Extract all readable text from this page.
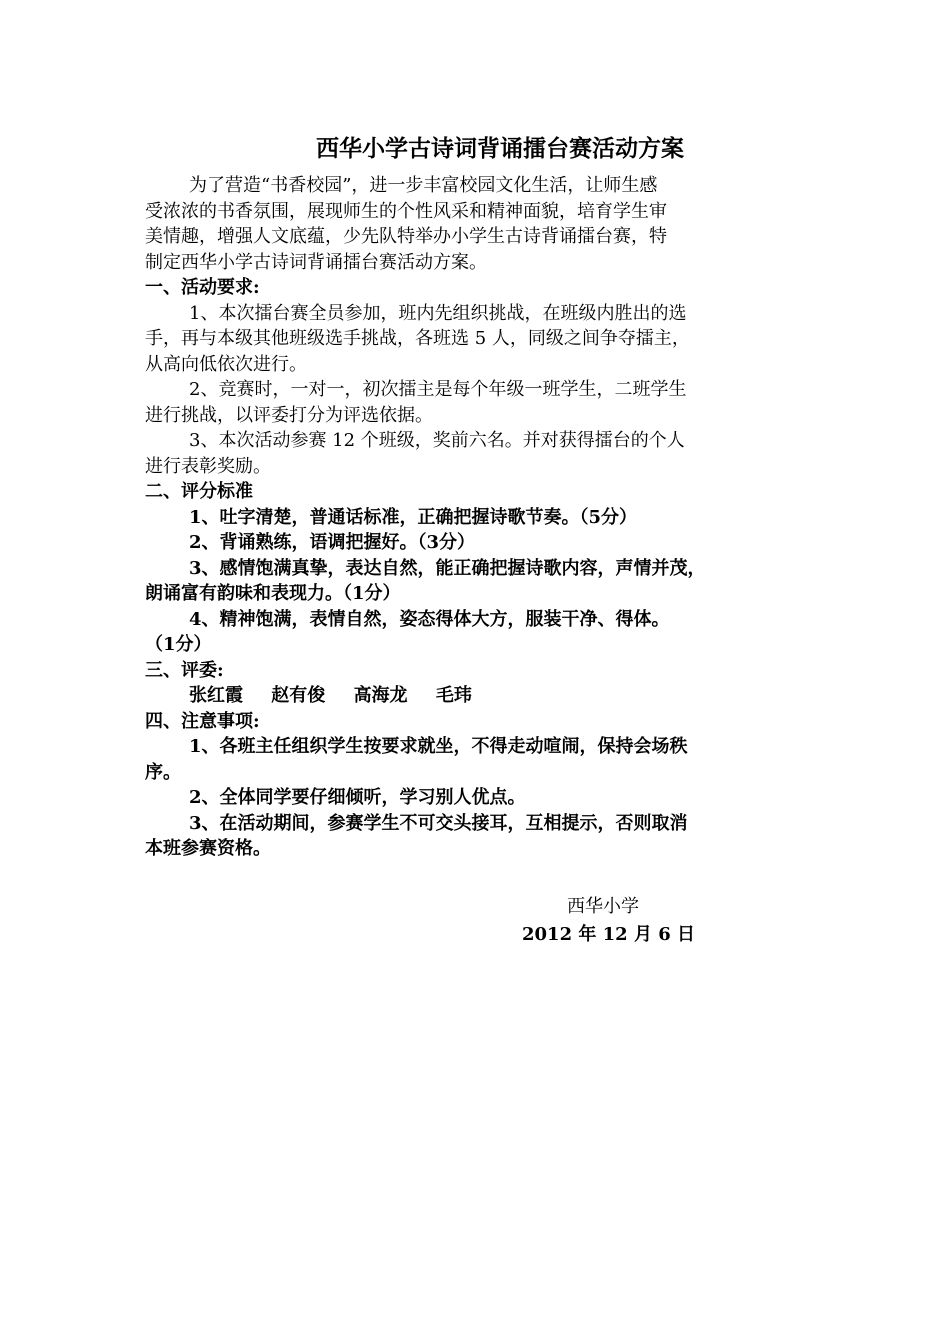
西华小学古诗词背诵擂台赛活动方案

为了营造“书香校园”，进一步丰富校园文化生活，让师生感

受浓浓的书香氛围，展现师生的个性风采和精神面貌，培育学生审

美情趣，增强人文底蕴，少先队特举办小学生古诗背诵擂台赛，特

制定西华小学古诗词背诵擂台赛活动方案。

一、活动要求:

1、本次擂台赛全员参加，班内先组织挑战，在班级内胜出的选

手，再与本级其他班级选手挑战，各班选 5 人，同级之间争夺擂主，

从高向低依次进行。

2、竞赛时，一对一，初次擂主是每个年级一班学生，二班学生

进行挑战，以评委打分为评选依据。

3、本次活动参赛 12 个班级，奖前六名。并对获得擂台的个人

进行表彰奖励。

二、评分标准

1、吐字清楚，普通话标准，正确把握诗歌节奏。（5分）

2、背诵熟练，语调把握好。（3分）

3、感情饱满真挚，表达自然，能正确把握诗歌内容，声情并茂，

朗诵富有韵味和表现力。（1分）

4、精神饱满，表情自然，姿态得体大方，服装干净、得体。

（1分）

三、评委:

张红霞 赵有俊 高海龙 毛玮

四、注意事项:

1、各班主任组织学生按要求就坐，不得走动喧闹，保持会场秩

序。

2、全体同学要仔细倾听，学习别人优点。

3、在活动期间，参赛学生不可交头接耳，互相提示，否则取消

本班参赛资格。

西华小学
2012 年 12 月 6 日
